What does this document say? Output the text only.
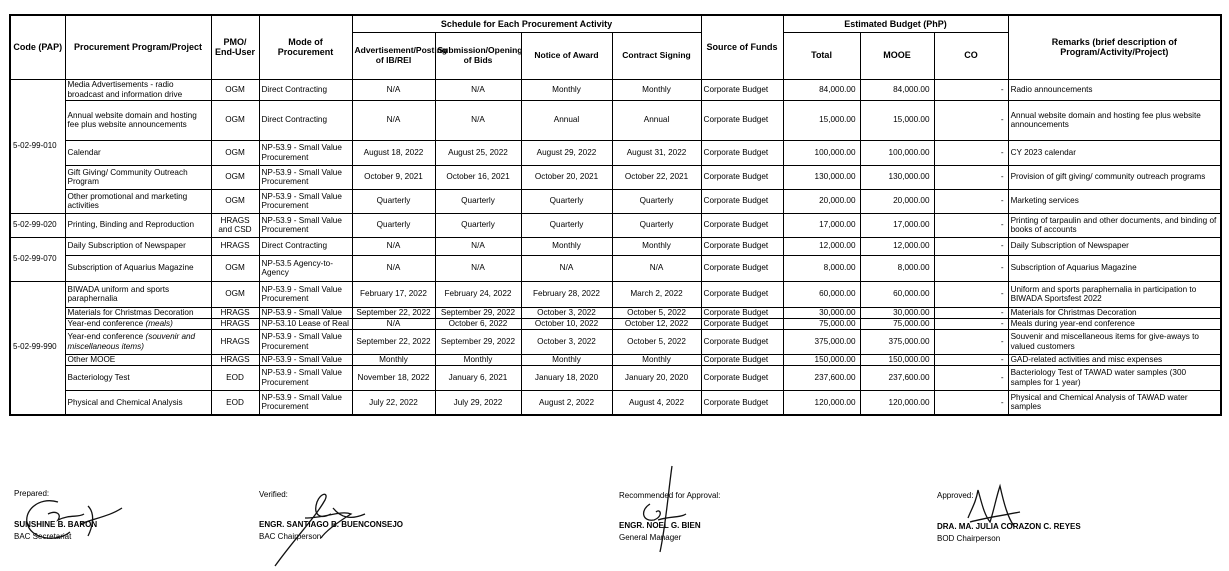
Code (PAP)	Procurement Program/Project	PMO/ End-User	Mode of Procurement	Schedule for Each Procurement Activity				Source of Funds	Estimated Budget (PhP)			Remarks (brief description of Program/Activity/Project)
				Advertisement/Posting of IB/REI	Submission/Opening of Bids	Notice of Award	Contract Signing		Total	MOOE	CO	
5-02-99-010	Media Advertisements - radio broadcast and information drive	OGM	Direct Contracting	N/A	N/A	Monthly	Monthly	Corporate Budget	84,000.00	84,000.00	-	Radio announcements
	Annual website domain and hosting fee plus website announcements	OGM	Direct Contracting	N/A	N/A	Annual	Annual	Corporate Budget	15,000.00	15,000.00	-	Annual website domain and hosting fee plus website announcements
	Calendar	OGM	NP-53.9 - Small Value Procurement	August 18, 2022	August 25, 2022	August 29, 2022	August 31, 2022	Corporate Budget	100,000.00	100,000.00	-	CY 2023 calendar
	Gift Giving/ Community Outreach Program	OGM	NP-53.9 - Small Value Procurement	October 9, 2021	October 16, 2021	October 20, 2021	October 22, 2021	Corporate Budget	130,000.00	130,000.00	-	Provision of gift giving/ community outreach programs
	Other promotional and marketing activities	OGM	NP-53.9 - Small Value Procurement	Quarterly	Quarterly	Quarterly	Quarterly	Corporate Budget	20,000.00	20,000.00	-	Marketing services
5-02-99-020	Printing, Binding and Reproduction	HRAGS and CSD	NP-53.9 - Small Value Procurement	Quarterly	Quarterly	Quarterly	Quarterly	Corporate Budget	17,000.00	17,000.00	-	Printing of tarpaulin and other documents, and binding of books of accounts
5-02-99-070	Daily Subscription of Newspaper	HRAGS	Direct Contracting	N/A	N/A	Monthly	Monthly	Corporate Budget	12,000.00	12,000.00	-	Daily Subscription of Newspaper
	Subscription of Aquarius Magazine	OGM	NP-53.5 Agency-to-Agency	N/A	N/A	N/A	N/A	Corporate Budget	8,000.00	8,000.00	-	Subscription of Aquarius Magazine
5-02-99-990	BIWADA uniform and sports paraphernalia	OGM	NP-53.9 - Small Value Procurement	February 17, 2022	February 24, 2022	February 28, 2022	March 2, 2022	Corporate Budget	60,000.00	60,000.00	-	Uniform and sports paraphernalia in participation to BIWADA Sportsfest 2022
	Materials for Christmas Decoration	HRAGS	NP-53.9 - Small Value	September 22, 2022	September 29, 2022	October 3, 2022	October 5, 2022	Corporate Budget	30,000.00	30,000.00	-	Materials for Christmas Decoration
	Year-end conference (meals)	HRAGS	NP-53.10 Lease of Real	N/A	October 6, 2022	October 10, 2022	October 12, 2022	Corporate Budget	75,000.00	75,000.00	-	Meals during year-end conference
	Year-end conference (souvenir and miscellaneous items)	HRAGS	NP-53.9 - Small Value Procurement	September 22, 2022	September 29, 2022	October 3, 2022	October 5, 2022	Corporate Budget	375,000.00	375,000.00	-	Souvenir and miscellaneous items for give-aways to valued customers
	Other MOOE	HRAGS	NP-53.9 - Small Value	Monthly	Monthly	Monthly	Monthly	Corporate Budget	150,000.00	150,000.00	-	GAD-related activities and misc expenses
	Bacteriology Test	EOD	NP-53.9 - Small Value Procurement	November 18, 2022	January 6, 2021	January 18, 2020	January 20, 2020	Corporate Budget	237,600.00	237,600.00	-	Bacteriology Test of TAWAD water samples (300 samples for 1 year)
	Physical and Chemical Analysis	EOD	NP-53.9 - Small Value Procurement	July 22, 2022	July 29, 2022	August 2, 2022	August 4, 2022	Corporate Budget	120,000.00	120,000.00	-	Physical and Chemical Analysis of TAWAD water samples
Prepared:
SUNSHINE B. BARON
BAC Secretariat
Verified:
ENGR. SANTIAGO B. BUENCONSEJO
BAC Chairperson
Recommended for Approval:
ENGR. NOEL G. BIEN
General Manager
Approved:
DRA. MA. JULIA CORAZON C. REYES
BOD Chairperson
